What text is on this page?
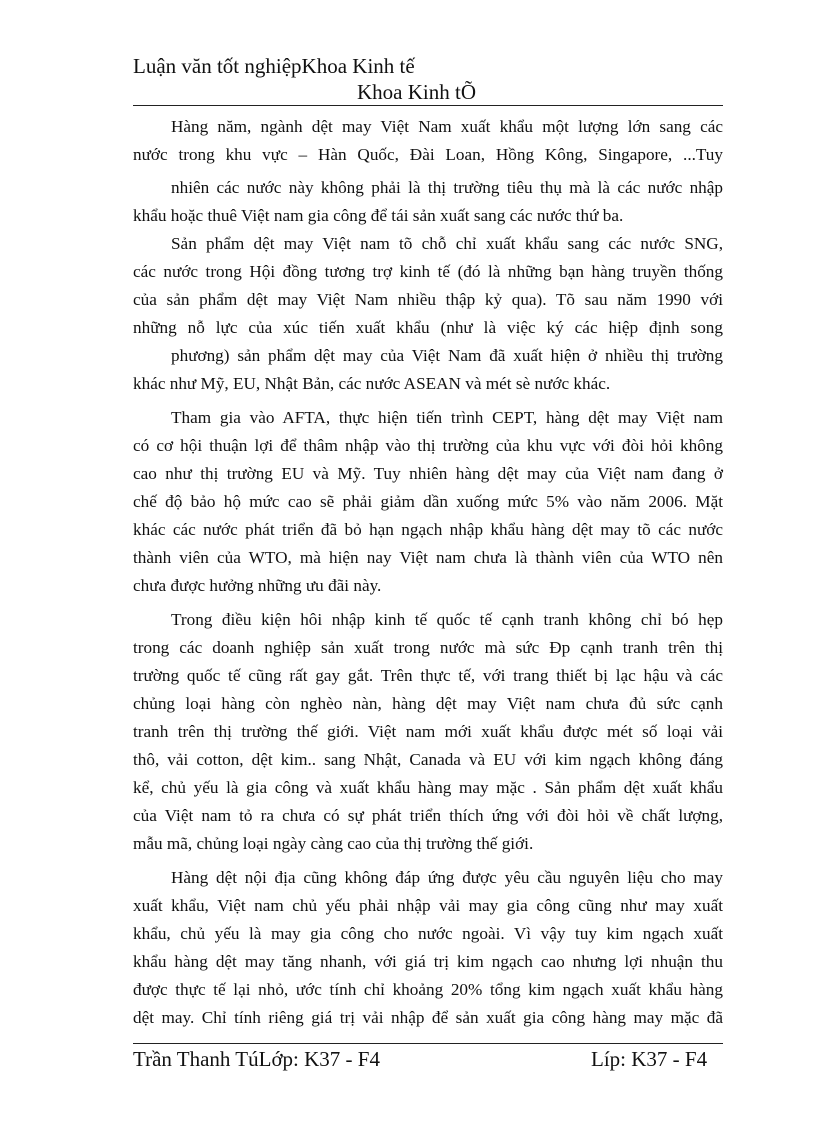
Luận văn tốt nghiệpKhoa Kinh tế
Khoa Kinh tÕ
Hàng năm, ngành dệt may Việt Nam xuất khẩu một lượng lớn sang các
nước trong khu vực – Hàn Quốc, Đài Loan, Hồng Kông, Singapore, ...Tuy
nhiên các nước này không phải là thị trường tiêu thụ mà là các nước nhập
khẩu hoặc thuê Việt nam gia công để tái sản xuất sang các nước thứ ba.
Sản phẩm dệt may Việt nam tõ chỗ chỉ xuất khẩu sang các nước SNG,
các nước trong Hội đồng tương trợ kinh tế (đó là những bạn hàng truyền thống
của sản phẩm dệt may Việt Nam nhiều thập kỷ qua). Tõ sau năm 1990 với
những nỗ lực của xúc tiến xuất khẩu (như là việc ký các hiệp định song
phương) sản phẩm dệt may của Việt Nam đã xuất hiện ở nhiều thị trường
khác như Mỹ, EU, Nhật Bản, các nước ASEAN và mét sè nước khác.
Tham gia vào AFTA, thực hiện tiến trình CEPT, hàng dệt may Việt nam
có cơ hội thuận lợi để thâm nhập vào thị trường của khu vực với đòi hỏi không
cao như thị trường EU và Mỹ. Tuy nhiên hàng dệt may của Việt nam đang ở
chế độ bảo hộ mức cao sẽ phải giảm dần xuống mức 5% vào năm 2006. Mặt
khác các nước phát triển đã bỏ hạn ngạch nhập khẩu hàng dệt may tõ các nước
thành viên của WTO, mà hiện nay Việt nam chưa là thành viên của WTO nên
chưa được hưởng những ưu đãi này.
Trong điều kiện hôi nhập kinh tế quốc tế cạnh tranh không chỉ bó hẹp
trong các doanh nghiệp sản xuất trong nước mà sức Ðp cạnh tranh trên thị
trường quốc tế cũng rất gay gắt. Trên thực tế, với trang thiết bị lạc hậu và các
chủng loại hàng còn nghèo nàn, hàng dệt may Việt nam chưa đủ sức cạnh
tranh trên thị trường thế giới. Việt nam mới xuất khẩu được mét số loại vải
thô, vải cotton, dệt kim.. sang Nhật, Canada và EU với kim ngạch không đáng
kể, chủ yếu là gia công và xuất khẩu hàng may mặc . Sản phẩm dệt xuất khẩu
của Việt nam tỏ ra chưa có sự phát triển thích ứng với đòi hỏi về chất lượng,
mẫu mã, chủng loại ngày càng cao của thị trường thế giới.
Hàng dệt nội địa cũng không đáp ứng được yêu cầu nguyên liệu cho may
xuất khẩu, Việt nam chủ yếu phải nhập vải may gia công cũng như may xuất
khẩu, chủ yếu là may gia công cho nước ngoài. Vì vậy tuy kim ngạch xuất
khẩu hàng dệt may tăng nhanh, với giá trị kim ngạch cao nhưng lợi nhuận thu
được thực tế lại nhỏ, ước tính chỉ khoảng 20% tổng kim ngạch xuất khẩu hàng
dệt may. Chỉ tính riêng giá trị vải nhập để sản xuất gia công hàng may mặc đã
Trần Thanh TúLớp: K37 - F4	Líp: K37 - F4
